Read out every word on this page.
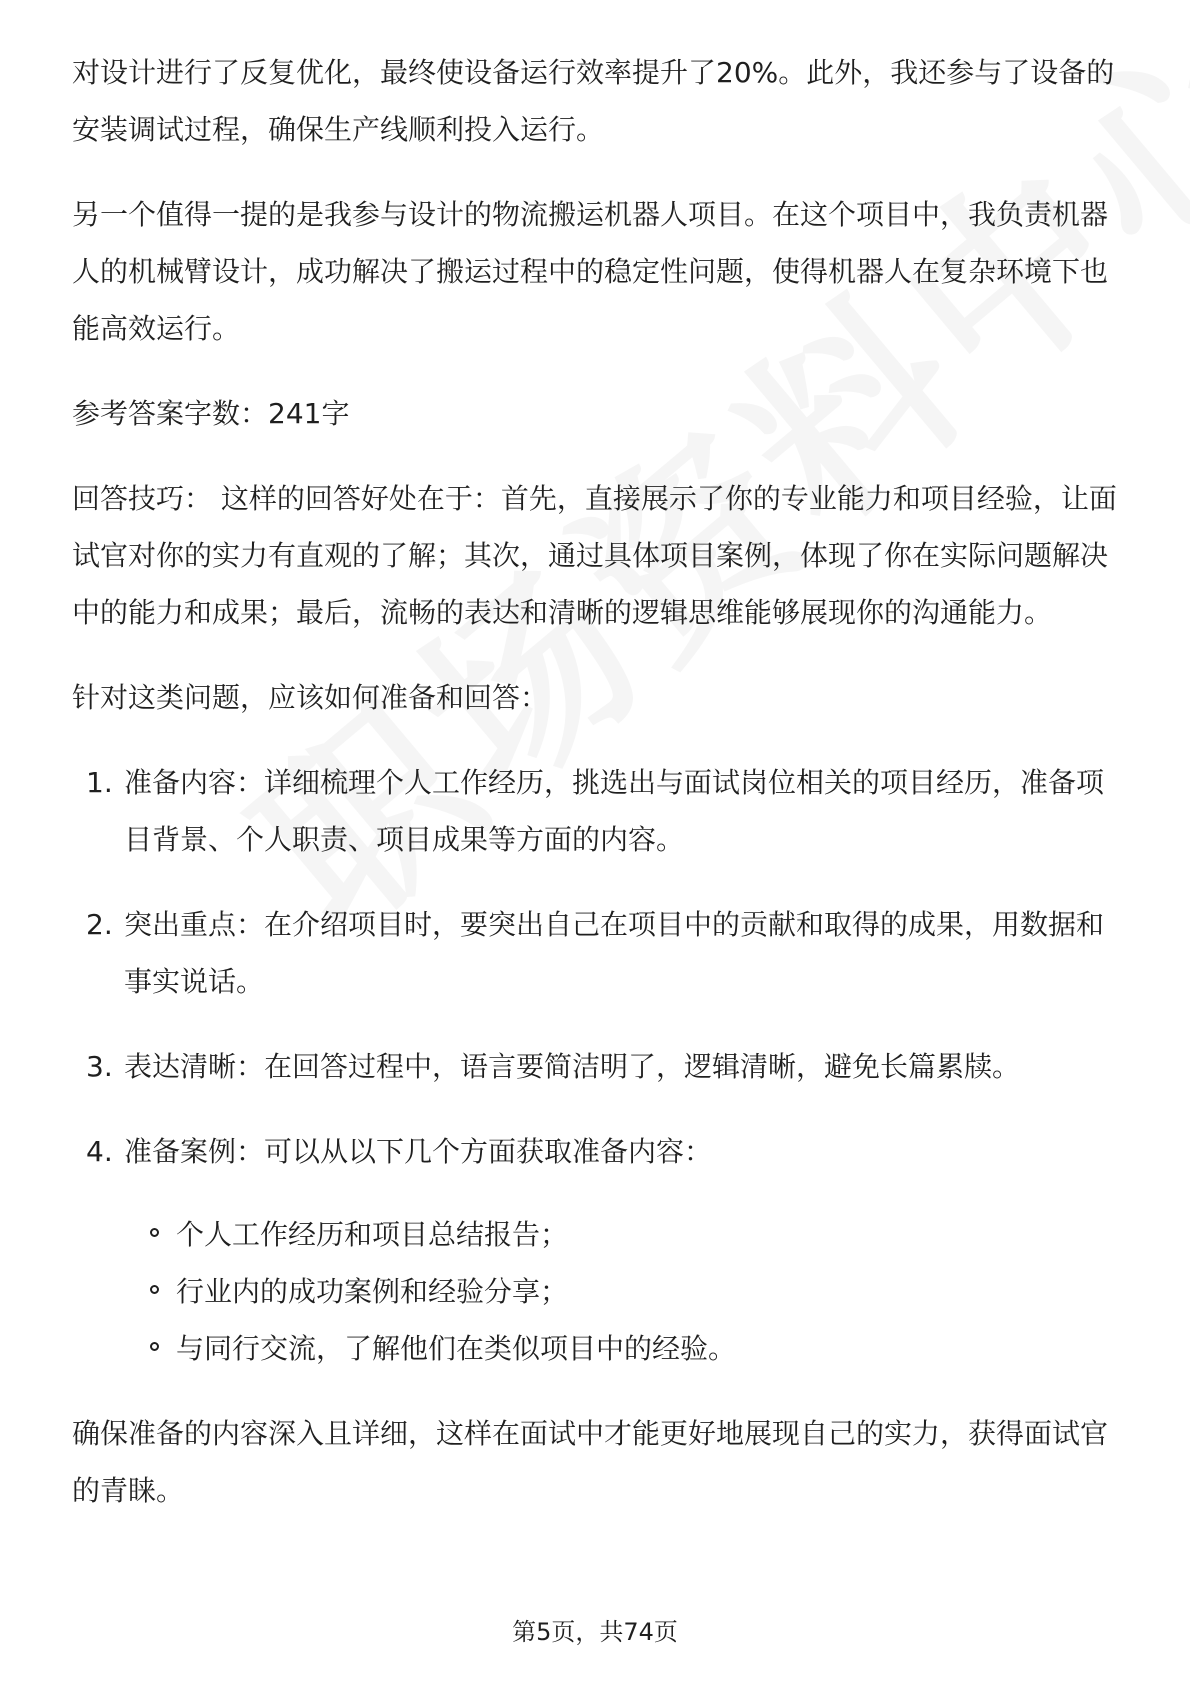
对设计进行了反复优化，最终使设备运行效率提升了20%。此外，我还参与了设备的安装调试过程，确保生产线顺利投入运行。

另一个值得一提的是我参与设计的物流搬运机器人项目。在这个项目中，我负责机器人的机械臂设计，成功解决了搬运过程中的稳定性问题，使得机器人在复杂环境下也能高效运行。

参考答案字数：241字

回答技巧： 这样的回答好处在于：首先，直接展示了你的专业能力和项目经验，让面试官对你的实力有直观的了解；其次，通过具体项目案例，体现了你在实际问题解决中的能力和成果；最后，流畅的表达和清晰的逻辑思维能够展现你的沟通能力。

针对这类问题，应该如何准备和回答：

1. 准备内容：详细梳理个人工作经历，挑选出与面试岗位相关的项目经历，准备项目背景、个人职责、项目成果等方面的内容。
2. 突出重点：在介绍项目时，要突出自己在项目中的贡献和取得的成果，用数据和事实说话。
3. 表达清晰：在回答过程中，语言要简洁明了，逻辑清晰，避免长篇累牍。
4. 准备案例：可以从以下几个方面获取准备内容：
个人工作经历和项目总结报告；
行业内的成功案例和经验分享；
与同行交流，了解他们在类似项目中的经验。

确保准备的内容深入且详细，这样在面试中才能更好地展现自己的实力，获得面试官的青睐。

第5页，共74页
